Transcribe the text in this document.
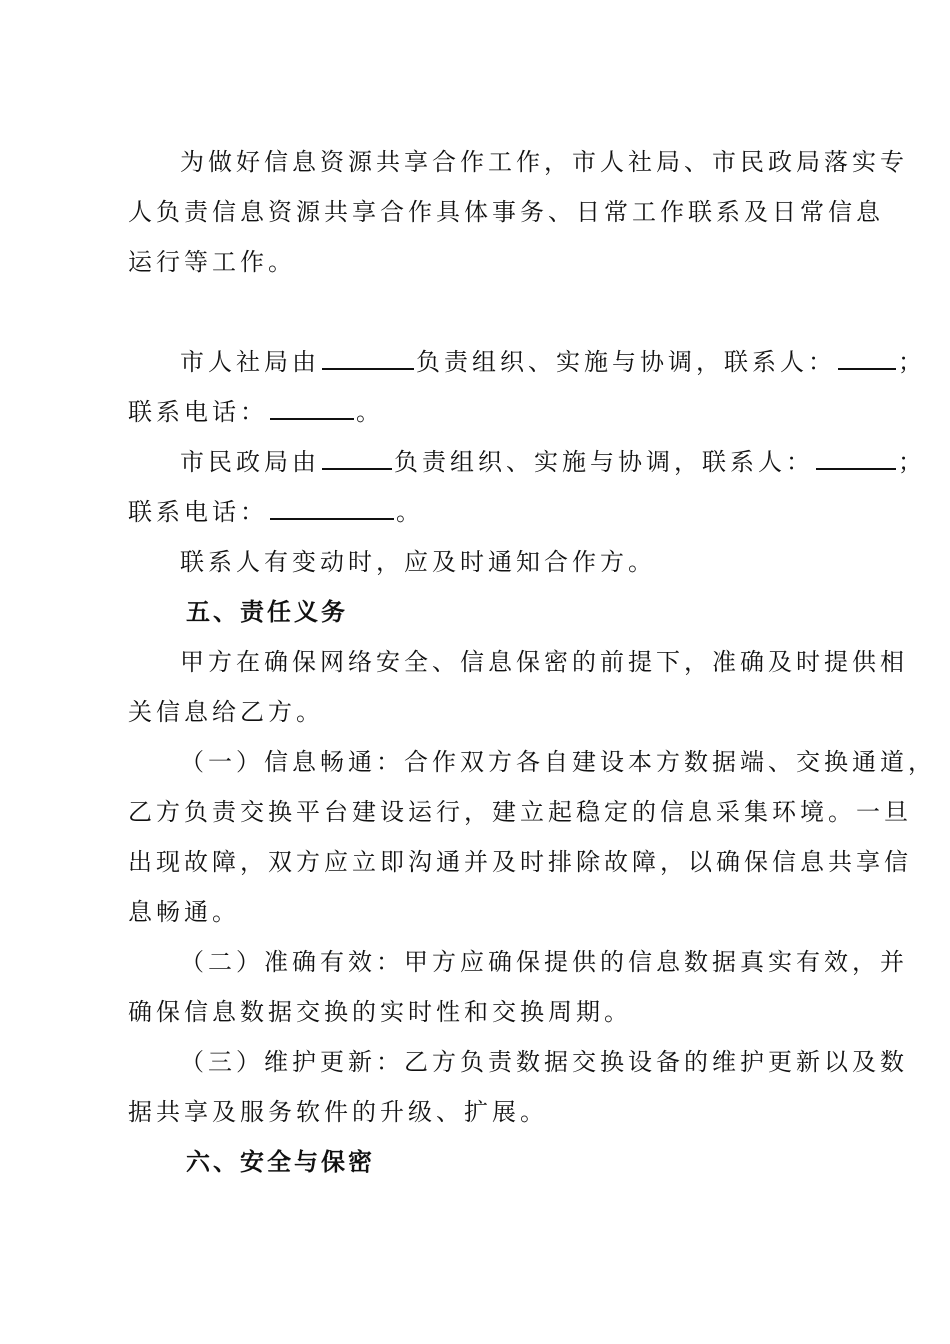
为做好信息资源共享合作工作，市人社局、市民政局落实专
人负责信息资源共享合作具体事务、日常工作联系及日常信息
运行等工作。
市人社局由	负责组织、实施与协调，联系人：	；
联系电话：	。
市民政局由	负责组织、实施与协调，联系人：	；
联系电话：	。
联系人有变动时，应及时通知合作方。
五、责任义务
甲方在确保网络安全、信息保密的前提下，准确及时提供相
关信息给乙方。
（一）信息畅通：合作双方各自建设本方数据端、交换通道，
乙方负责交换平台建设运行，建立起稳定的信息采集环境。一旦
出现故障，双方应立即沟通并及时排除故障，以确保信息共享信
息畅通。
（二）准确有效：甲方应确保提供的信息数据真实有效，并
确保信息数据交换的实时性和交换周期。
（三）维护更新：乙方负责数据交换设备的维护更新以及数
据共享及服务软件的升级、扩展。
六、安全与保密
